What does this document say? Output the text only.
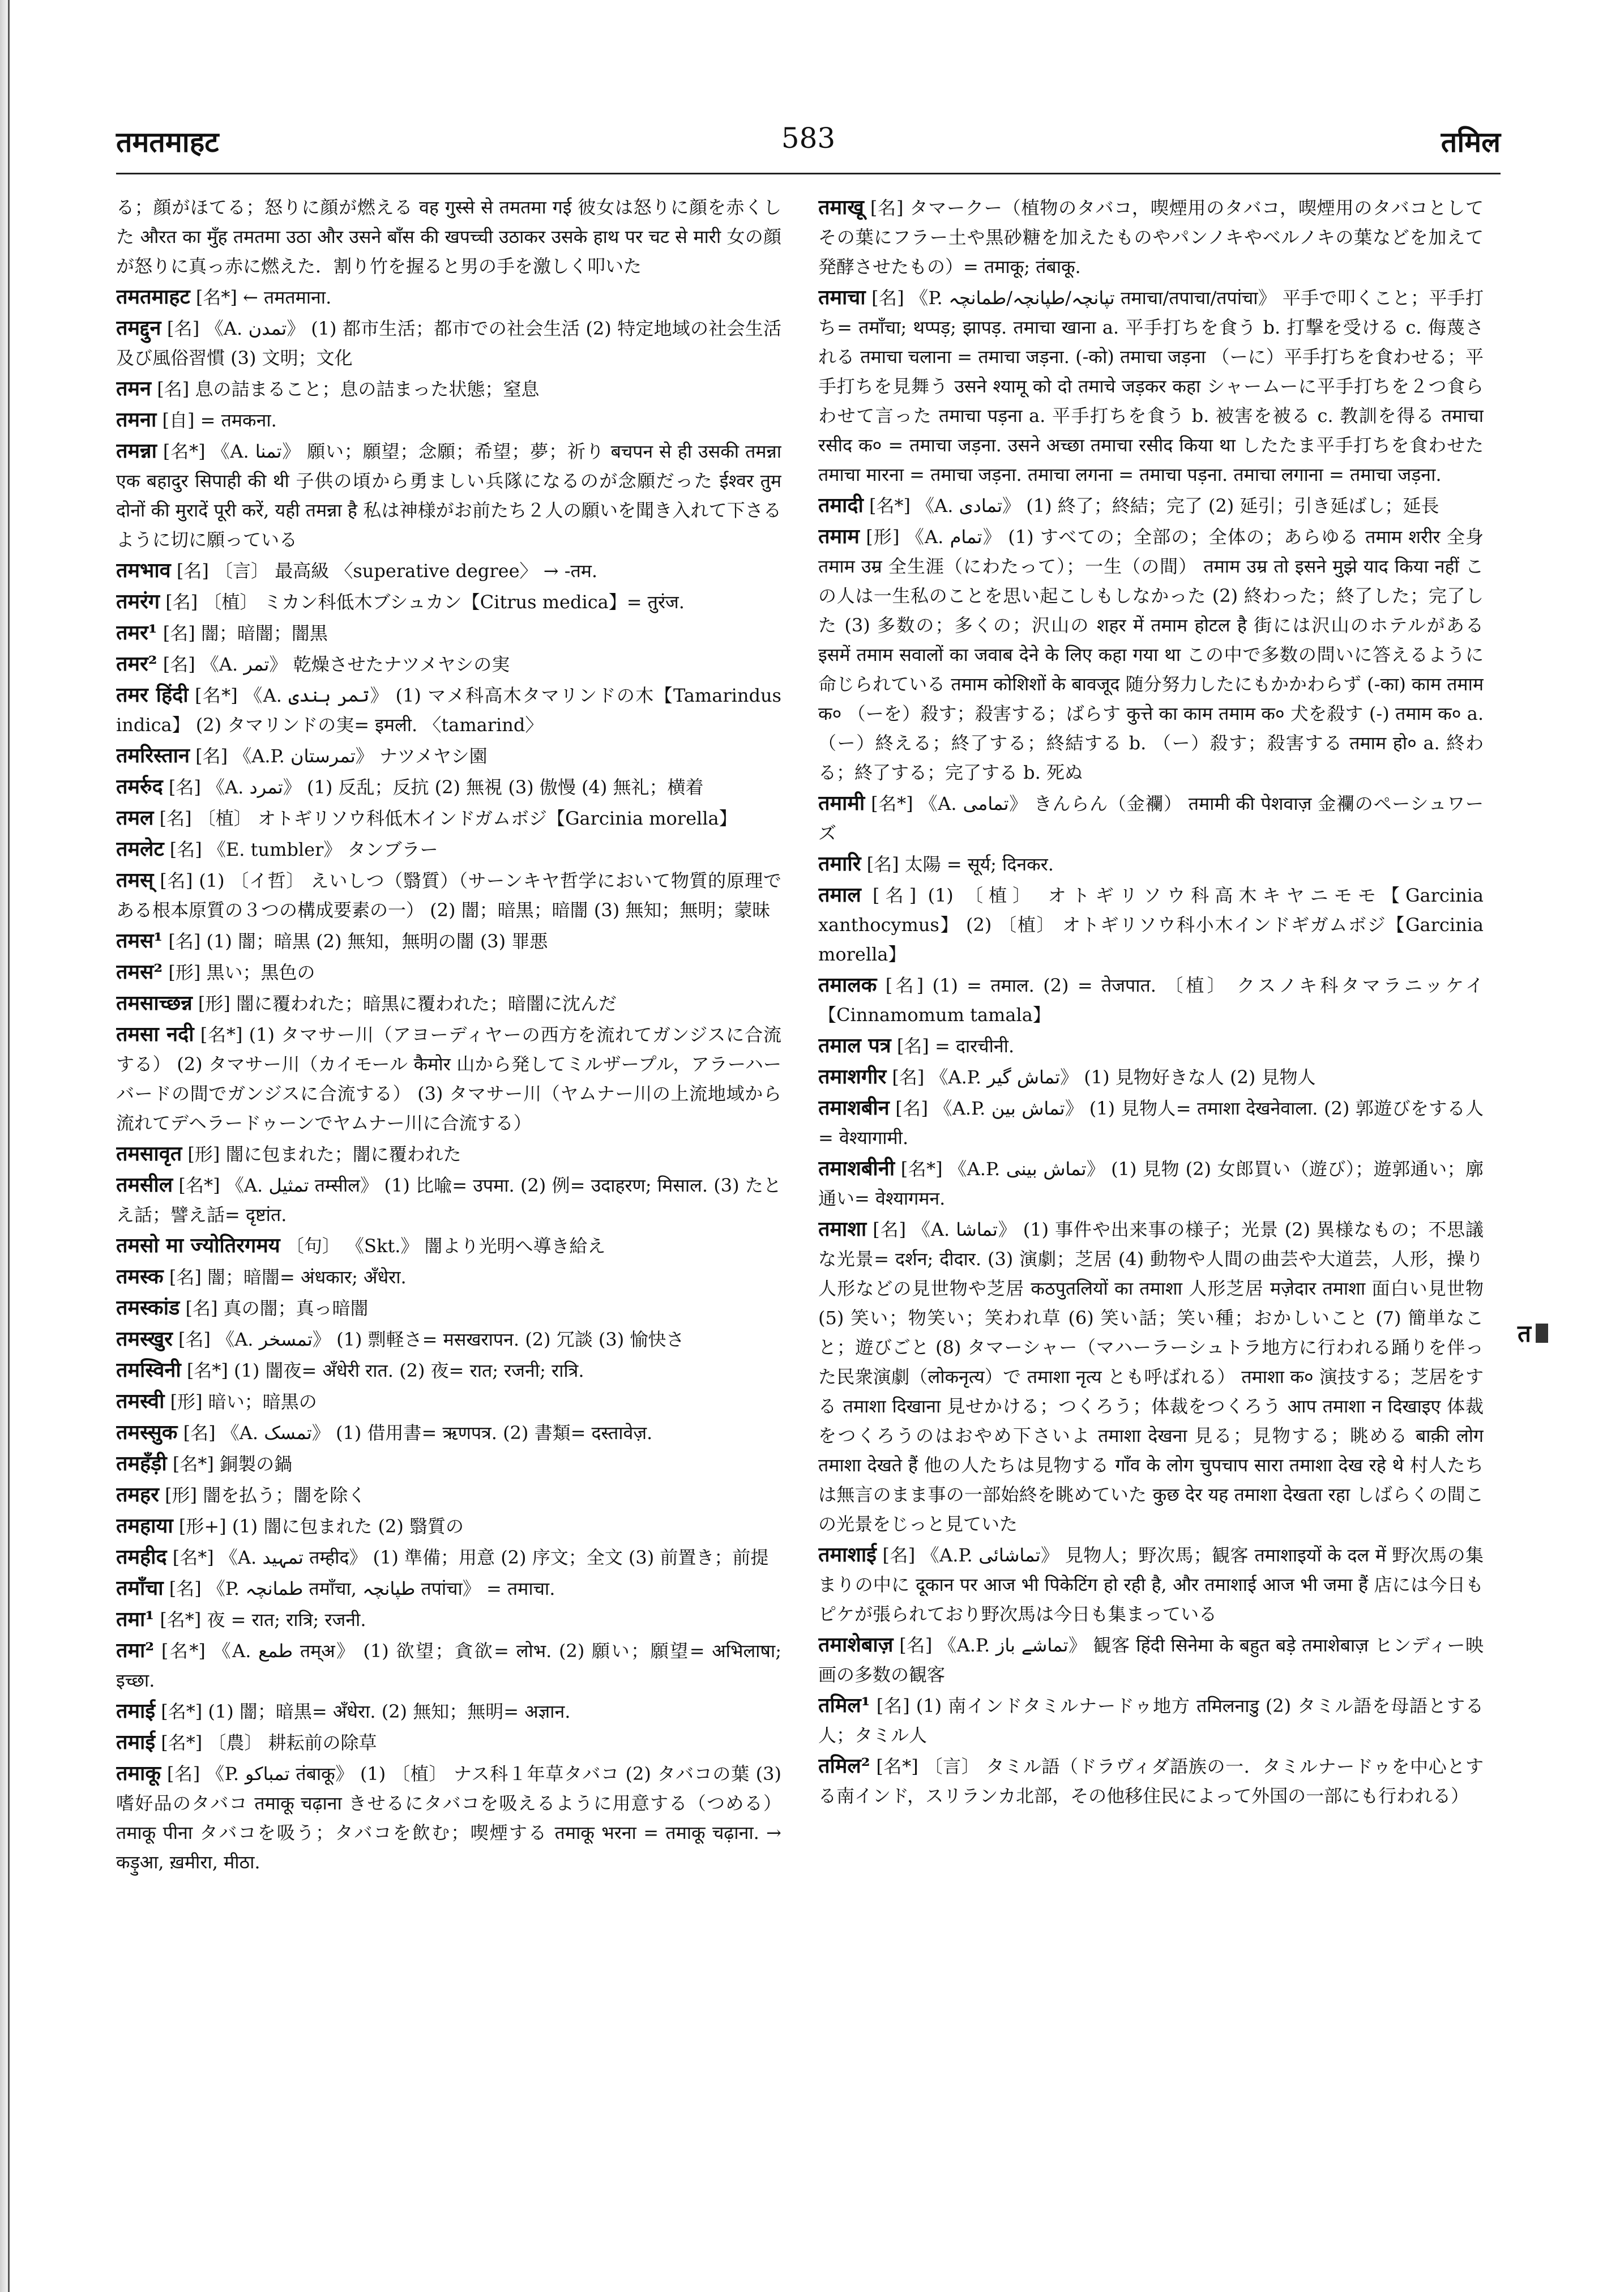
तमतमाहट	583	तमिल

る；顔がほてる；怒りに顔が燃える वह गुस्से से तमतमा गई 彼女は怒りに顔を赤くした औरत का मुँह तमतमा उठा और उसने बाँस की खपच्ची उठाकर उसके हाथ पर चट से मारी 女の顔が怒りに真っ赤に燃えた．割り竹を握ると男の手を激しく叩いた

तमतमाहट [名*] ← तमतमाना.

तमद्दुन [名] 《A. تمدن》 (1) 都市生活；都市での社会生活 (2) 特定地域の社会生活及び風俗習慣 (3) 文明；文化

तमन [名] 息の詰まること；息の詰まった状態；窒息

तमना [自] = तमकना.

तमन्ना [名*] 《A. تمنا》 願い；願望；念願；希望；夢；祈り बचपन से ही उसकी तमन्ना एक बहादुर सिपाही की थी 子供の頃から勇ましい兵隊になるのが念願だった ईश्वर तुम दोनों की मुरादें पूरी करें, यही तमन्ना है 私は神様がお前たち２人の願いを聞き入れて下さるように切に願っている

तमभाव [名] 〔言〕 最高級 〈superative degree〉 → -तम.

तमरंग [名] 〔植〕 ミカン科低木ブシュカン【Citrus medica】= तुरंज.

तमर¹ [名] 闇；暗闇；闇黒

तमर² [名] 《A. تمر》 乾燥させたナツメヤシの実

तमर हिंदी [名*] 《A. تمر ہندی》 (1) マメ科高木タマリンドの木【Tamarindus indica】 (2) タマリンドの実= इमली. 〈tamarind〉

तमरिस्तान [名] 《A.P. تمرستان》 ナツメヤシ園

तमर्रुद [名] 《A. تمرد》 (1) 反乱；反抗 (2) 無視 (3) 傲慢 (4) 無礼；横着

तमल [名] 〔植〕 オトギリソウ科低木インドガムボジ【Garcinia morella】

तमलेट [名] 《E. tumbler》 タンブラー

तमस् [名] (1) 〔イ哲〕 えいしつ（翳質）（サーンキヤ哲学において物質的原理である根本原質の３つの構成要素の一） (2) 闇；暗黒；暗闇 (3) 無知；無明；蒙昧

तमस¹ [名] (1) 闇；暗黒 (2) 無知，無明の闇 (3) 罪悪

तमस² [形] 黒い；黒色の

तमसाच्छन्न [形] 闇に覆われた；暗黒に覆われた；暗闇に沈んだ

तमसा नदी [名*] (1) タマサー川（アヨーディヤーの西方を流れてガンジスに合流する） (2) タマサー川（カイモール कैमोर 山から発してミルザープル，アラーハーバードの間でガンジスに合流する） (3) タマサー川（ヤムナー川の上流地域から流れてデヘラードゥーンでヤムナー川に合流する）

तमसावृत [形] 闇に包まれた；闇に覆われた

तमसील [名*] 《A. تمثیل तम्सील》 (1) 比喩= उपमा. (2) 例= उदाहरण; मिसाल. (3) たとえ話；譬え話= दृष्टांत.

तमसो मा ज्योतिरगमय 〔句〕 《Skt.》 闇より光明へ導き給え

तमस्क [名] 闇；暗闇= अंधकार; अँधेरा.

तमस्कांड [名] 真の闇；真っ暗闇

तमस्खुर [名] 《A. تمسخر》 (1) 剽軽さ= मसखरापन. (2) 冗談 (3) 愉快さ

तमस्विनी [名*] (1) 闇夜= अँधेरी रात. (2) 夜= रात; रजनी; रात्रि.

तमस्वी [形] 暗い；暗黒の

तमस्सुक [名] 《A. تمسک》 (1) 借用書= ऋणपत्र. (2) 書類= दस्तावेज़.

तमहँड़ी [名*] 銅製の鍋

तमहर [形] 闇を払う；闇を除く

तमहाया [形+] (1) 闇に包まれた (2) 翳質の

तमहीद [名*] 《A. تمہید तम्हीद》 (1) 準備；用意 (2) 序文；全文 (3) 前置き；前提

तमाँचा [名] 《P. طمانچہ तमाँचा, طپانچہ तपांचा》 = तमाचा.

तमा¹ [名*] 夜 = रात; रात्रि; रजनी.

तमा² [名*] 《A. طمع तम्अ》 (1) 欲望；貪欲= लोभ. (2) 願い；願望= अभिलाषा; इच्छा.

तमाई [名*] (1) 闇；暗黒= अँधेरा. (2) 無知；無明= अज्ञान.

तमाई [名*] 〔農〕 耕耘前の除草

तमाकू [名] 《P. تمباکو तंबाकू》 (1) 〔植〕 ナス科１年草タバコ (2) タバコの葉 (3) 嗜好品のタバコ तमाकू चढ़ाना きせるにタバコを吸えるように用意する（つめる） तमाकू पीना タバコを吸う；タバコを飲む；喫煙する तमाकू भरना = तमाकू चढ़ाना. → कड़ुआ, ख़मीरा, मीठा.

तमाखू [名] タマークー（植物のタバコ，喫煙用のタバコ，喫煙用のタバコとしてその葉にフラー土や黒砂糖を加えたものやパンノキやベルノキの葉などを加えて発酵させたもの）= तमाकू; तंबाकू.

तमाचा [名] 《P. تپانچہ/طپانچہ/طمانچہ तमाचा/तपाचा/तपांचा》 平手で叩くこと；平手打ち= तमाँचा; थप्पड़; झापड़. तमाचा खाना a. 平手打ちを食う b. 打撃を受ける c. 侮蔑される तमाचा चलाना = तमाचा जड़ना. (-को) तमाचा जड़ना （ーに）平手打ちを食わせる；平手打ちを見舞う उसने श्यामू को दो तमाचे जड़कर कहा シャームーに平手打ちを２つ食らわせて言った तमाचा पड़ना a. 平手打ちを食う b. 被害を被る c. 教訓を得る तमाचा रसीद क० = तमाचा जड़ना. उसने अच्छा तमाचा रसीद किया था したたま平手打ちを食わせた तमाचा मारना = तमाचा जड़ना. तमाचा लगना = तमाचा पड़ना. तमाचा लगाना = तमाचा जड़ना.

तमादी [名*] 《A. تمادی》 (1) 終了；終結；完了 (2) 延引；引き延ばし；延長

तमाम [形] 《A. تمام》 (1) すべての；全部の；全体の；あらゆる तमाम शरीर 全身 तमाम उम्र 全生涯（にわたって）；一生（の間） तमाम उम्र तो इसने मुझे याद किया नहीं この人は一生私のことを思い起こしもしなかった (2) 終わった；終了した；完了した (3) 多数の；多くの；沢山の शहर में तमाम होटल है 街には沢山のホテルがある इसमें तमाम सवालों का जवाब देने के लिए कहा गया था この中で多数の問いに答えるように命じられている तमाम कोशिशों के बावजूद 随分努力したにもかかわらず (-का) काम तमाम क० （ーを）殺す；殺害する；ばらす कुत्ते का काम तमाम क० 犬を殺す (-) तमाम क० a. （ー）終える；終了する；終結する b. （ー）殺す；殺害する तमाम हो० a. 終わる；終了する；完了する b. 死ぬ

तमामी [名*] 《A. تمامی》 きんらん（金襴） तमामी की पेशवाज़ 金襴のペーシュワーズ

तमारि [名] 太陽 = सूर्य; दिनकर.

तमाल [名] (1) 〔植〕 オトギリソウ科高木キヤニモモ【Garcinia xanthocymus】 (2) 〔植〕 オトギリソウ科小木インドギガムボジ【Garcinia morella】

तमालक [名] (1) = तमाल. (2) = तेजपात. 〔植〕 クスノキ科タマラニッケイ【Cinnamomum tamala】

तमाल पत्र [名] = दारचीनी.

तमाशगीर [名] 《A.P. تماش گیر》 (1) 見物好きな人 (2) 見物人

तमाशबीन [名] 《A.P. تماش بین》 (1) 見物人= तमाशा देखनेवाला. (2) 郭遊びをする人= वेश्यागामी.

तमाशबीनी [名*] 《A.P. تماش بینی》 (1) 見物 (2) 女郎買い（遊び）；遊郭通い；廓通い= वेश्यागमन.

तमाशा [名] 《A. تماشا》 (1) 事件や出来事の様子；光景 (2) 異様なもの；不思議な光景= दर्शन; दीदार. (3) 演劇；芝居 (4) 動物や人間の曲芸や大道芸，人形，操り人形などの見世物や芝居 कठपुतलियों का तमाशा 人形芝居 मज़ेदार तमाशा 面白い見世物 (5) 笑い；物笑い；笑われ草 (6) 笑い話；笑い種；おかしいこと (7) 簡単なこと；遊びごと (8) タマーシャー（マハーラーシュトラ地方に行われる踊りを伴った民衆演劇（लोकनृत्य）で तमाशा नृत्य とも呼ばれる） तमाशा क० 演技する；芝居をする तमाशा दिखाना 見せかける；つくろう；体裁をつくろう आप तमाशा न दिखाइए 体裁をつくろうのはおやめ下さいよ तमाशा देखना 見る；見物する；眺める बाक़ी लोग तमाशा देखते हैं 他の人たちは見物する गाँव के लोग चुपचाप सारा तमाशा देख रहे थे 村人たちは無言のまま事の一部始終を眺めていた कुछ देर यह तमाशा देखता रहा しばらくの間この光景をじっと見ていた

तमाशाई [名] 《A.P. تماشائی》 見物人；野次馬；観客 तमाशाइयों के दल में 野次馬の集まりの中に दूकान पर आज भी पिकेटिंग हो रही है, और तमाशाई आज भी जमा हैं 店には今日もピケが張られており野次馬は今日も集まっている

तमाशेबाज़ [名] 《A.P. تماشے باز》 観客 हिंदी सिनेमा के बहुत बड़े तमाशेबाज़ ヒンディー映画の多数の観客

तमिल¹ [名] (1) 南インドタミルナードゥ地方 तमिलनाडु (2) タミル語を母語とする人；タミル人

तमिल² [名*] 〔言〕 タミル語（ドラヴィダ語族の一．タミルナードゥを中心とする南インド，スリランカ北部，その他移住民によって外国の一部にも行われる）

त
